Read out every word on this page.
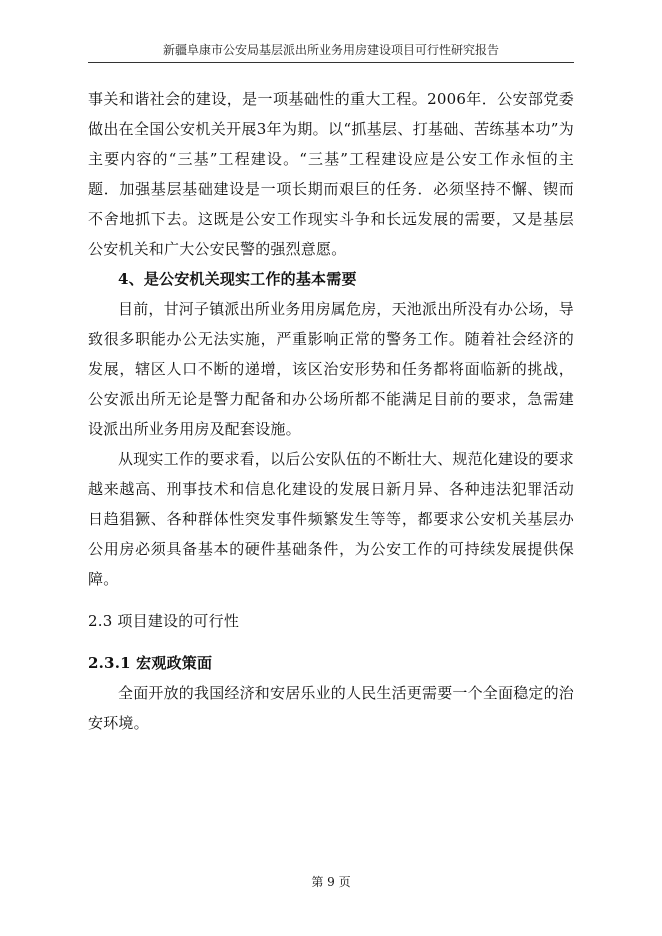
新疆阜康市公安局基层派出所业务用房建设项目可行性研究报告

事关和谐社会的建设，是一项基础性的重大工程。2006年．公安部党委做出在全国公安机关开展3年为期。以“抓基层、打基础、苦练基本功”为主要内容的“三基”工程建设。“三基”工程建设应是公安工作永恒的主题．加强基层基础建设是一项长期而艰巨的任务．必须坚持不懈、锲而不舍地抓下去。这既是公安工作现实斗争和长远发展的需要，又是基层公安机关和广大公安民警的强烈意愿。

4、是公安机关现实工作的基本需要

目前，甘河子镇派出所业务用房属危房，天池派出所没有办公场，导致很多职能办公无法实施，严重影响正常的警务工作。随着社会经济的发展，辖区人口不断的递增，该区治安形势和任务都将面临新的挑战，公安派出所无论是警力配备和办公场所都不能满足目前的要求，急需建设派出所业务用房及配套设施。

从现实工作的要求看，以后公安队伍的不断壮大、规范化建设的要求越来越高、刑事技术和信息化建设的发展日新月异、各种违法犯罪活动日趋猖獗、各种群体性突发事件频繁发生等等，都要求公安机关基层办公用房必须具备基本的硬件基础条件，为公安工作的可持续发展提供保障。

2.3 项目建设的可行性

2.3.1 宏观政策面

全面开放的我国经济和安居乐业的人民生活更需要一个全面稳定的治安环境。

第 9 页
